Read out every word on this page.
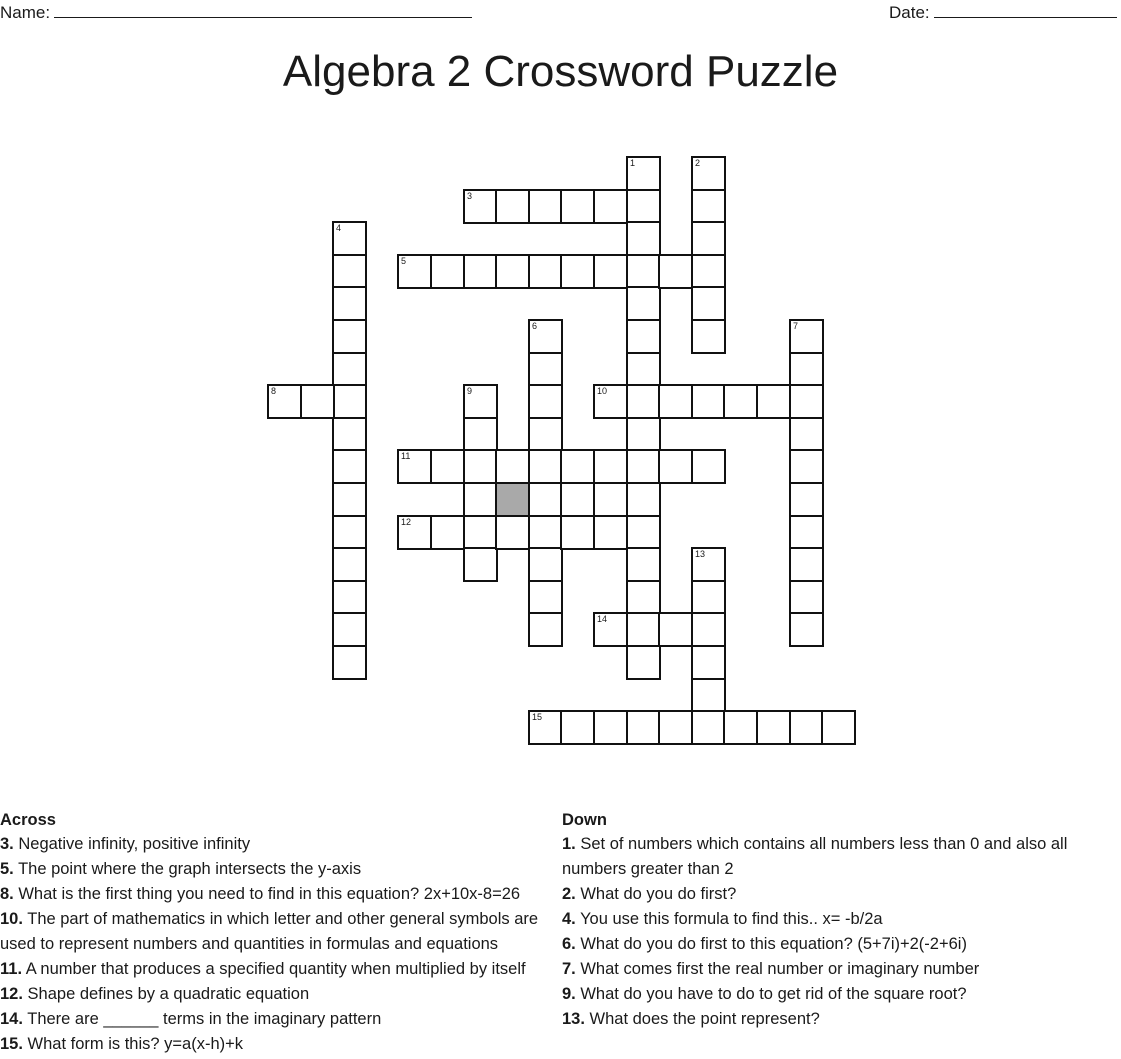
Name:	Date:
Algebra 2 Crossword Puzzle
1	2
3
4
5
6	7
8	9	10
11
12
13
14
15
Across

3. Negative infinity, positive infinity

5. The point where the graph intersects the y-axis

8. What is the first thing you need to find in this equation? 2x+10x-8=26

10. The part of mathematics in which letter and other general symbols are used to represent numbers and quantities in formulas and equations

11. A number that produces a specified quantity when multiplied by itself

12. Shape defines by a quadratic equation

14. There are ______ terms in the imaginary pattern

15. What form is this? y=a(x-h)+k

Down

1. Set of numbers which contains all numbers less than 0 and also all numbers greater than 2

2. What do you do first?

4. You use this formula to find this.. x= -b/2a

6. What do you do first to this equation? (5+7i)+2(-2+6i)

7. What comes first the real number or imaginary number

9. What do you have to do to get rid of the square root?

13. What does the point represent?
